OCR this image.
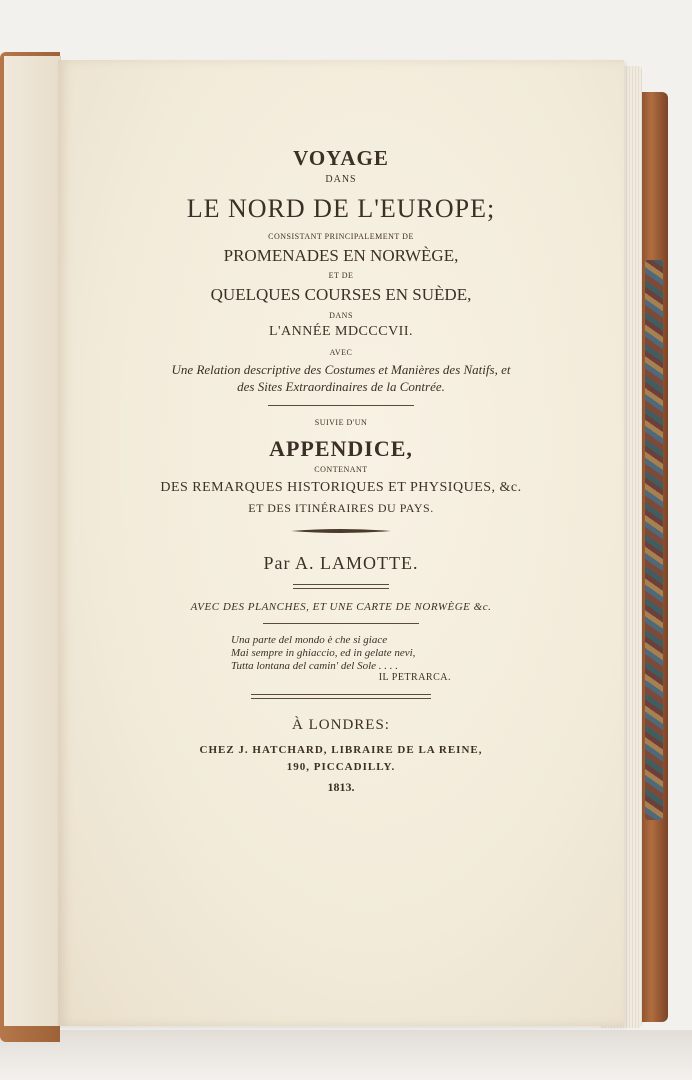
VOYAGE
DANS
LE NORD DE L'EUROPE;
CONSISTANT PRINCIPALEMENT DE
PROMENADES EN NORWÈGE,
ET DE
QUELQUES COURSES EN SUÈDE,
DANS
L'ANNÉE MDCCCVII.
AVEC
Une Relation descriptive des Costumes et Manières des Natifs, et
des Sites Extraordinaires de la Contrée.
SUIVIE D'UN
APPENDICE,
CONTENANT
DES REMARQUES HISTORIQUES ET PHYSIQUES, &c.
ET DES ITINÉRAIRES DU PAYS.
Par A. LAMOTTE.
AVEC DES PLANCHES, ET UNE CARTE DE NORWÈGE &c.
Una parte del mondo è che si giace
Mai sempre in ghiaccio, ed in gelate nevi,
Tutta lontana del camin' del Sole . . . .
IL PETRARCA.
À LONDRES:
CHEZ J. HATCHARD, LIBRAIRE DE LA REINE,
190, PICCADILLY.
1813.
